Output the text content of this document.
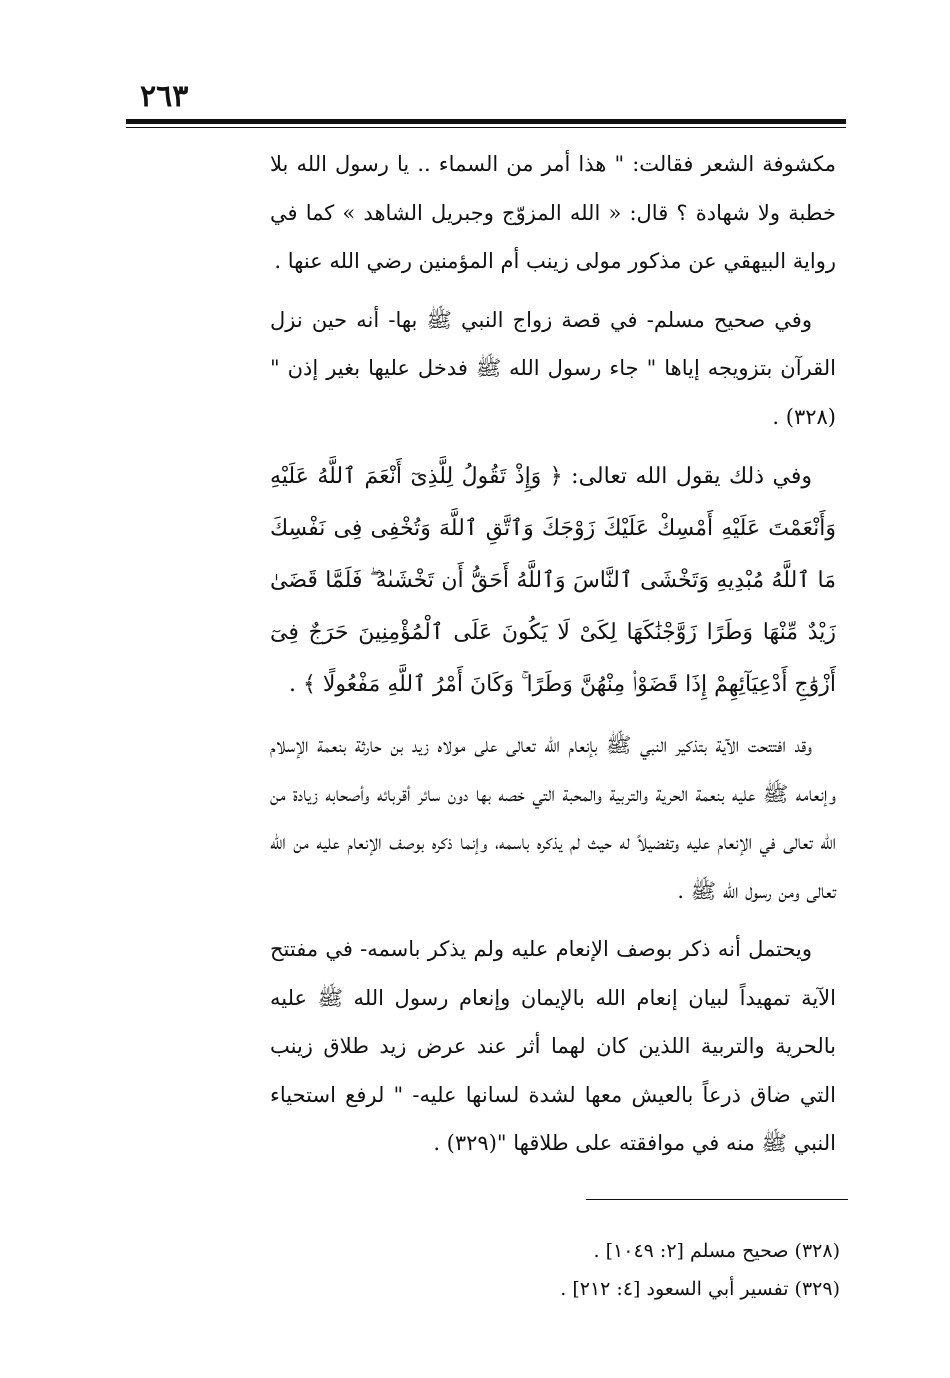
٢٦٣

مكشوفة الشعر فقالت: " هذا أمر من السماء .. يا رسول الله بلا خطبة ولا شهادة ؟ قال: « الله المزوّج وجبريل الشاهد » كما في رواية البيهقي عن مذكور مولى زينب أم المؤمنين رضي الله عنها .

وفي صحيح مسلم- في قصة زواج النبي ﷺ بها- أنه حين نزل القرآن بتزويجه إياها " جاء رسول الله ﷺ فدخل عليها بغير إذن "(٣٢٨) .

وفي ذلك يقول الله تعالى: ﴿ وَإِذْ تَقُولُ لِلَّذِىٓ أَنْعَمَ ٱللَّهُ عَلَيْهِ وَأَنْعَمْتَ عَلَيْهِ أَمْسِكْ عَلَيْكَ زَوْجَكَ وَٱتَّقِ ٱللَّهَ وَتُخْفِى فِى نَفْسِكَ مَا ٱللَّهُ مُبْدِيهِ وَتَخْشَى ٱلنَّاسَ وَٱللَّهُ أَحَقُّ أَن تَخْشَىٰهُ ۖ فَلَمَّا قَضَىٰ زَيْدٌ مِّنْهَا وَطَرًا زَوَّجْنَٰكَهَا لِكَىْ لَا يَكُونَ عَلَى ٱلْمُؤْمِنِينَ حَرَجٌ فِىٓ أَزْوَٰجِ أَدْعِيَآئِهِمْ إِذَا قَضَوْا۟ مِنْهُنَّ وَطَرًا ۚ وَكَانَ أَمْرُ ٱللَّهِ مَفْعُولًا ﴾ .

وقد افتتحت الآية بتذكير النبي ﷺ بإنعام الله تعالى على مولاه زيد بن حارثة بنعمة الإسلام وإنعامه ﷺ عليه بنعمة الحرية والتربية والمحبة التي خصه بها دون سائر أقربائه وأصحابه زيادة من الله تعالى في الإنعام عليه وتفضيلاً له حيث لم يذكره باسمه، وإنما ذكره بوصف الإنعام عليه من الله تعالى ومن رسول الله ﷺ .

ويحتمل أنه ذكر بوصف الإنعام عليه ولم يذكر باسمه- في مفتتح الآية تمهيداً لبيان إنعام الله بالإيمان وإنعام رسول الله ﷺ عليه بالحرية والتربية اللذين كان لهما أثر عند عرض زيد طلاق زينب التي ضاق ذرعاً بالعيش معها لشدة لسانها عليه- " لرفع استحياء النبي ﷺ منه في موافقته على طلاقها "(٣٢٩) .

(٣٢٨) صحيح مسلم [٢: ١٠٤٩] .

(٣٢٩) تفسير أبي السعود [٤: ٢١٢] .
